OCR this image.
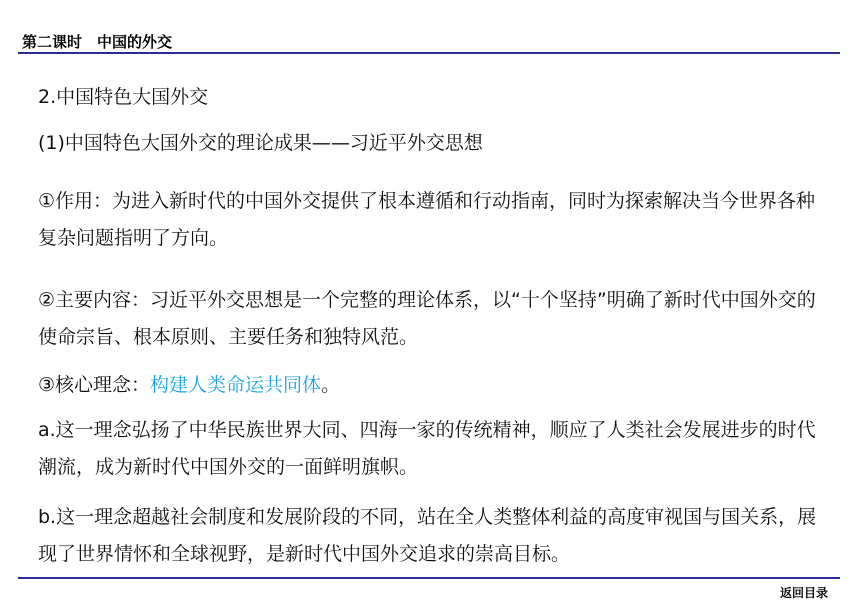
第二课时　中国的外交
2.中国特色大国外交
(1)中国特色大国外交的理论成果——习近平外交思想
①作用：为进入新时代的中国外交提供了根本遵循和行动指南，同时为探索解决当今世界各种复杂问题指明了方向。
②主要内容：习近平外交思想是一个完整的理论体系，以“十个坚持”明确了新时代中国外交的使命宗旨、根本原则、主要任务和独特风范。
③核心理念：构建人类命运共同体。
a.这一理念弘扬了中华民族世界大同、四海一家的传统精神，顺应了人类社会发展进步的时代潮流，成为新时代中国外交的一面鲜明旗帜。
b.这一理念超越社会制度和发展阶段的不同，站在全人类整体利益的高度审视国与国关系，展现了世界情怀和全球视野，是新时代中国外交追求的崇高目标。
返回目录
